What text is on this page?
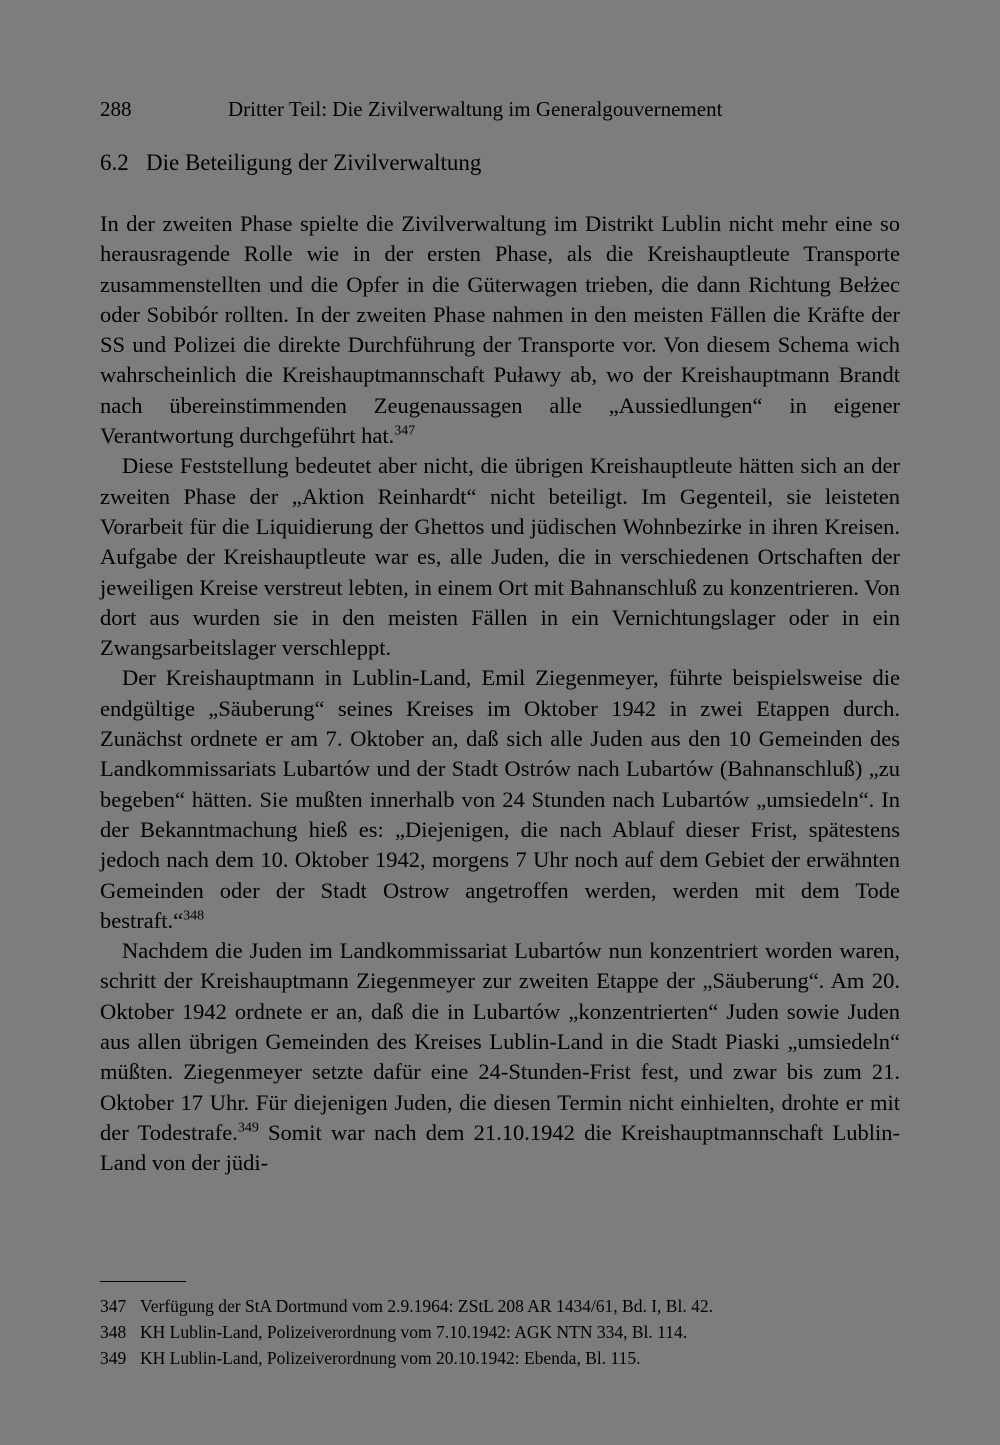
288	Dritter Teil: Die Zivilverwaltung im Generalgouvernement
6.2 Die Beteiligung der Zivilverwaltung

In der zweiten Phase spielte die Zivilverwaltung im Distrikt Lublin nicht mehr eine so herausragende Rolle wie in der ersten Phase, als die Kreishauptleute Transporte zusammenstellten und die Opfer in die Güterwagen trieben, die dann Richtung Bełżec oder Sobibór rollten. In der zweiten Phase nahmen in den meisten Fällen die Kräfte der SS und Polizei die direkte Durchführung der Transporte vor. Von diesem Schema wich wahrscheinlich die Kreishauptmannschaft Puławy ab, wo der Kreishauptmann Brandt nach übereinstimmenden Zeugenaussagen alle „Aussiedlungen“ in eigener Verantwortung durchgeführt hat.$^{347}$

Diese Feststellung bedeutet aber nicht, die übrigen Kreishauptleute hätten sich an der zweiten Phase der „Aktion Reinhardt“ nicht beteiligt. Im Gegenteil, sie leisteten Vorarbeit für die Liquidierung der Ghettos und jüdischen Wohnbezirke in ihren Kreisen. Aufgabe der Kreishauptleute war es, alle Juden, die in verschiedenen Ortschaften der jeweiligen Kreise verstreut lebten, in einem Ort mit Bahnanschluß zu konzentrieren. Von dort aus wurden sie in den meisten Fällen in ein Vernichtungslager oder in ein Zwangsarbeitslager verschleppt.

Der Kreishauptmann in Lublin-Land, Emil Ziegenmeyer, führte beispielsweise die endgültige „Säuberung“ seines Kreises im Oktober 1942 in zwei Etappen durch. Zunächst ordnete er am 7. Oktober an, daß sich alle Juden aus den 10 Gemeinden des Landkommissariats Lubartów und der Stadt Ostrów nach Lubartów (Bahnanschluß) „zu begeben“ hätten. Sie mußten innerhalb von 24 Stunden nach Lubartów „umsiedeln“. In der Bekanntmachung hieß es: „Diejenigen, die nach Ablauf dieser Frist, spätestens jedoch nach dem 10. Oktober 1942, morgens 7 Uhr noch auf dem Gebiet der erwähnten Gemeinden oder der Stadt Ostrow angetroffen werden, werden mit dem Tode bestraft.“$^{348}$

Nachdem die Juden im Landkommissariat Lubartów nun konzentriert worden waren, schritt der Kreishauptmann Ziegenmeyer zur zweiten Etappe der „Säuberung“. Am 20. Oktober 1942 ordnete er an, daß die in Lubartów „konzentrierten“ Juden sowie Juden aus allen übrigen Gemeinden des Kreises Lublin-Land in die Stadt Piaski „umsiedeln“ müßten. Ziegenmeyer setzte dafür eine 24-Stunden-Frist fest, und zwar bis zum 21. Oktober 17 Uhr. Für diejenigen Juden, die diesen Termin nicht einhielten, drohte er mit der Todestrafe.$^{349}$ Somit war nach dem 21.10.1942 die Kreishauptmannschaft Lublin-Land von der jüdi-

347 Verfügung der StA Dortmund vom 2.9.1964: ZStL 208 AR 1434/61, Bd. I, Bl. 42.
348 KH Lublin-Land, Polizeiverordnung vom 7.10.1942: AGK NTN 334, Bl. 114.
349 KH Lublin-Land, Polizeiverordnung vom 20.10.1942: Ebenda, Bl. 115.
